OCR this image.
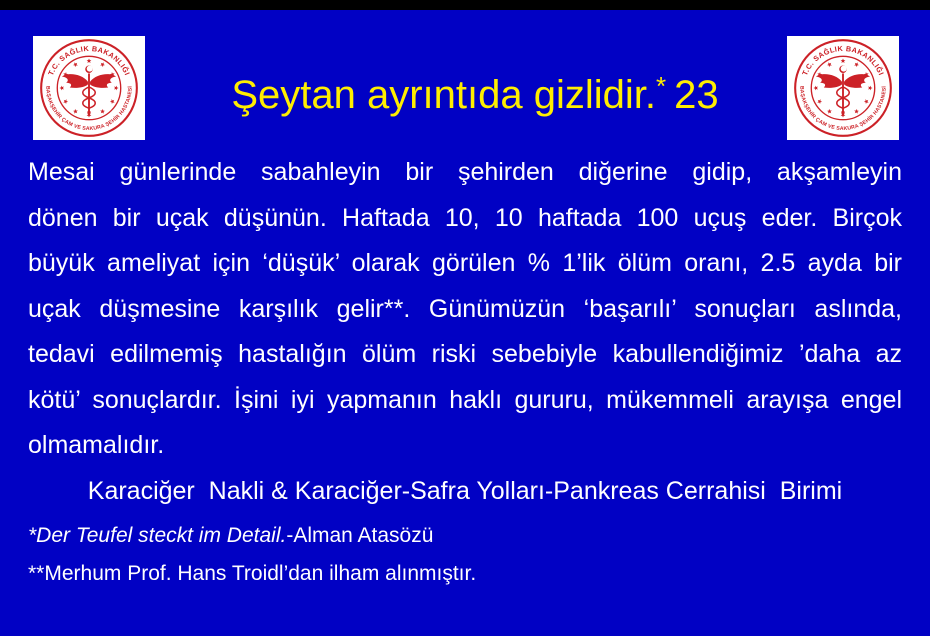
T.C. SAĞLIK BAKANLIĞI
BAŞAKŞEHİR ÇAM VE SAKURA ŞEHİR HASTANESİ
T.C. SAĞLIK BAKANLIĞI
BAŞAKŞEHİR ÇAM VE SAKURA ŞEHİR HASTANESİ
Şeytan ayrıntıda gizlidir.* 23
Mesai günlerinde sabahleyin bir şehirden diğerine gidip, akşamleyin
dönen bir uçak düşünün. Haftada 10, 10 haftada 100 uçuş eder. Birçok
büyük ameliyat için ‘düşük’ olarak görülen % 1’lik ölüm oranı, 2.5 ayda bir
uçak düşmesine karşılık gelir**. Günümüzün ‘başarılı’ sonuçları aslında,
tedavi edilmemiş hastalığın ölüm riski sebebiyle kabullendiğimiz ’daha az
kötü’ sonuçlardır. İşini iyi yapmanın haklı gururu, mükemmeli arayışa engel
olmamalıdır.
Karaciğer  Nakli & Karaciğer-Safra Yolları-Pankreas Cerrahisi  Birimi
*Der Teufel steckt im Detail.-Alman Atasözü
**Merhum Prof. Hans Troidl’dan ilham alınmıştır.
